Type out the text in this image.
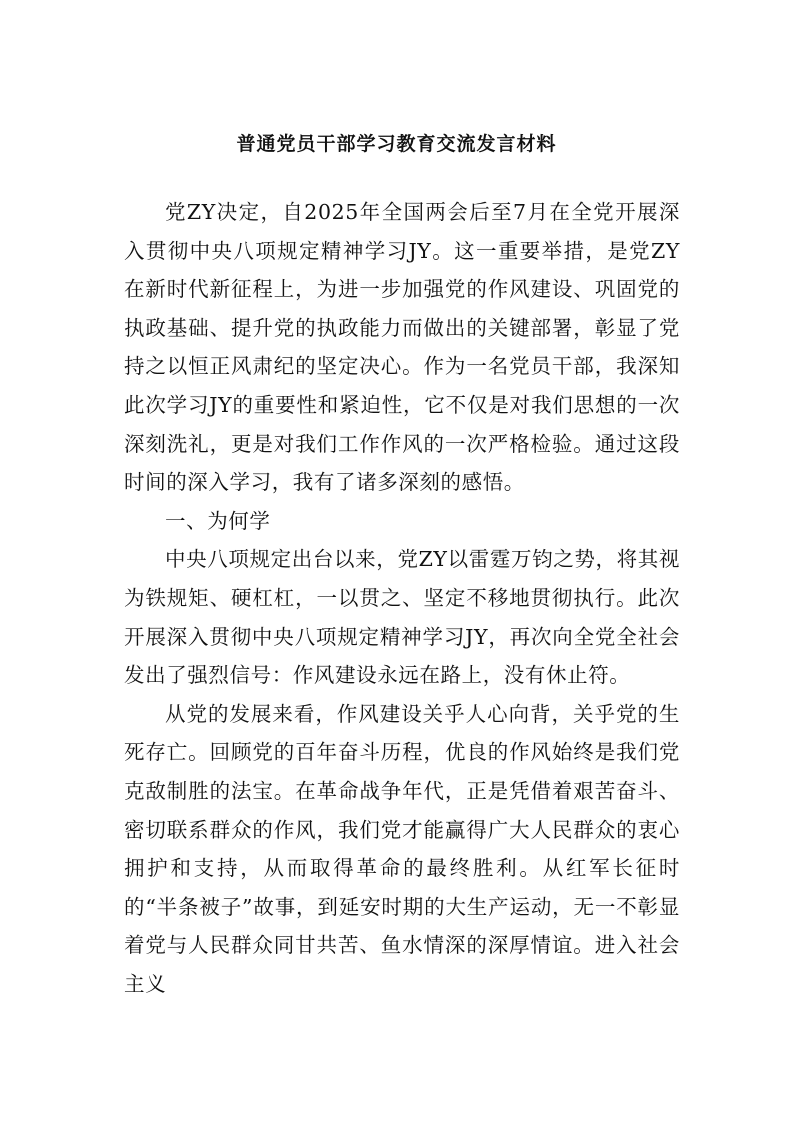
普通党员干部学习教育交流发言材料

党ZY决定，自2025年全国两会后至7月在全党开展深入贯彻中央八项规定精神学习JY。这一重要举措，是党ZY在新时代新征程上，为进一步加强党的作风建设、巩固党的执政基础、提升党的执政能力而做出的关键部署，彰显了党持之以恒正风肃纪的坚定决心。作为一名党员干部，我深知此次学习JY的重要性和紧迫性，它不仅是对我们思想的一次深刻洗礼，更是对我们工作作风的一次严格检验。通过这段时间的深入学习，我有了诸多深刻的感悟。

一、为何学

中央八项规定出台以来，党ZY以雷霆万钧之势，将其视为铁规矩、硬杠杠，一以贯之、坚定不移地贯彻执行。此次开展深入贯彻中央八项规定精神学习JY，再次向全党全社会发出了强烈信号：作风建设永远在路上，没有休止符。

从党的发展来看，作风建设关乎人心向背，关乎党的生死存亡。回顾党的百年奋斗历程，优良的作风始终是我们党克敌制胜的法宝。在革命战争年代，正是凭借着艰苦奋斗、密切联系群众的作风，我们党才能赢得广大人民群众的衷心拥护和支持，从而取得革命的最终胜利。从红军长征时的“半条被子”故事，到延安时期的大生产运动，无一不彰显着党与人民群众同甘共苦、鱼水情深的深厚情谊。进入社会主义
